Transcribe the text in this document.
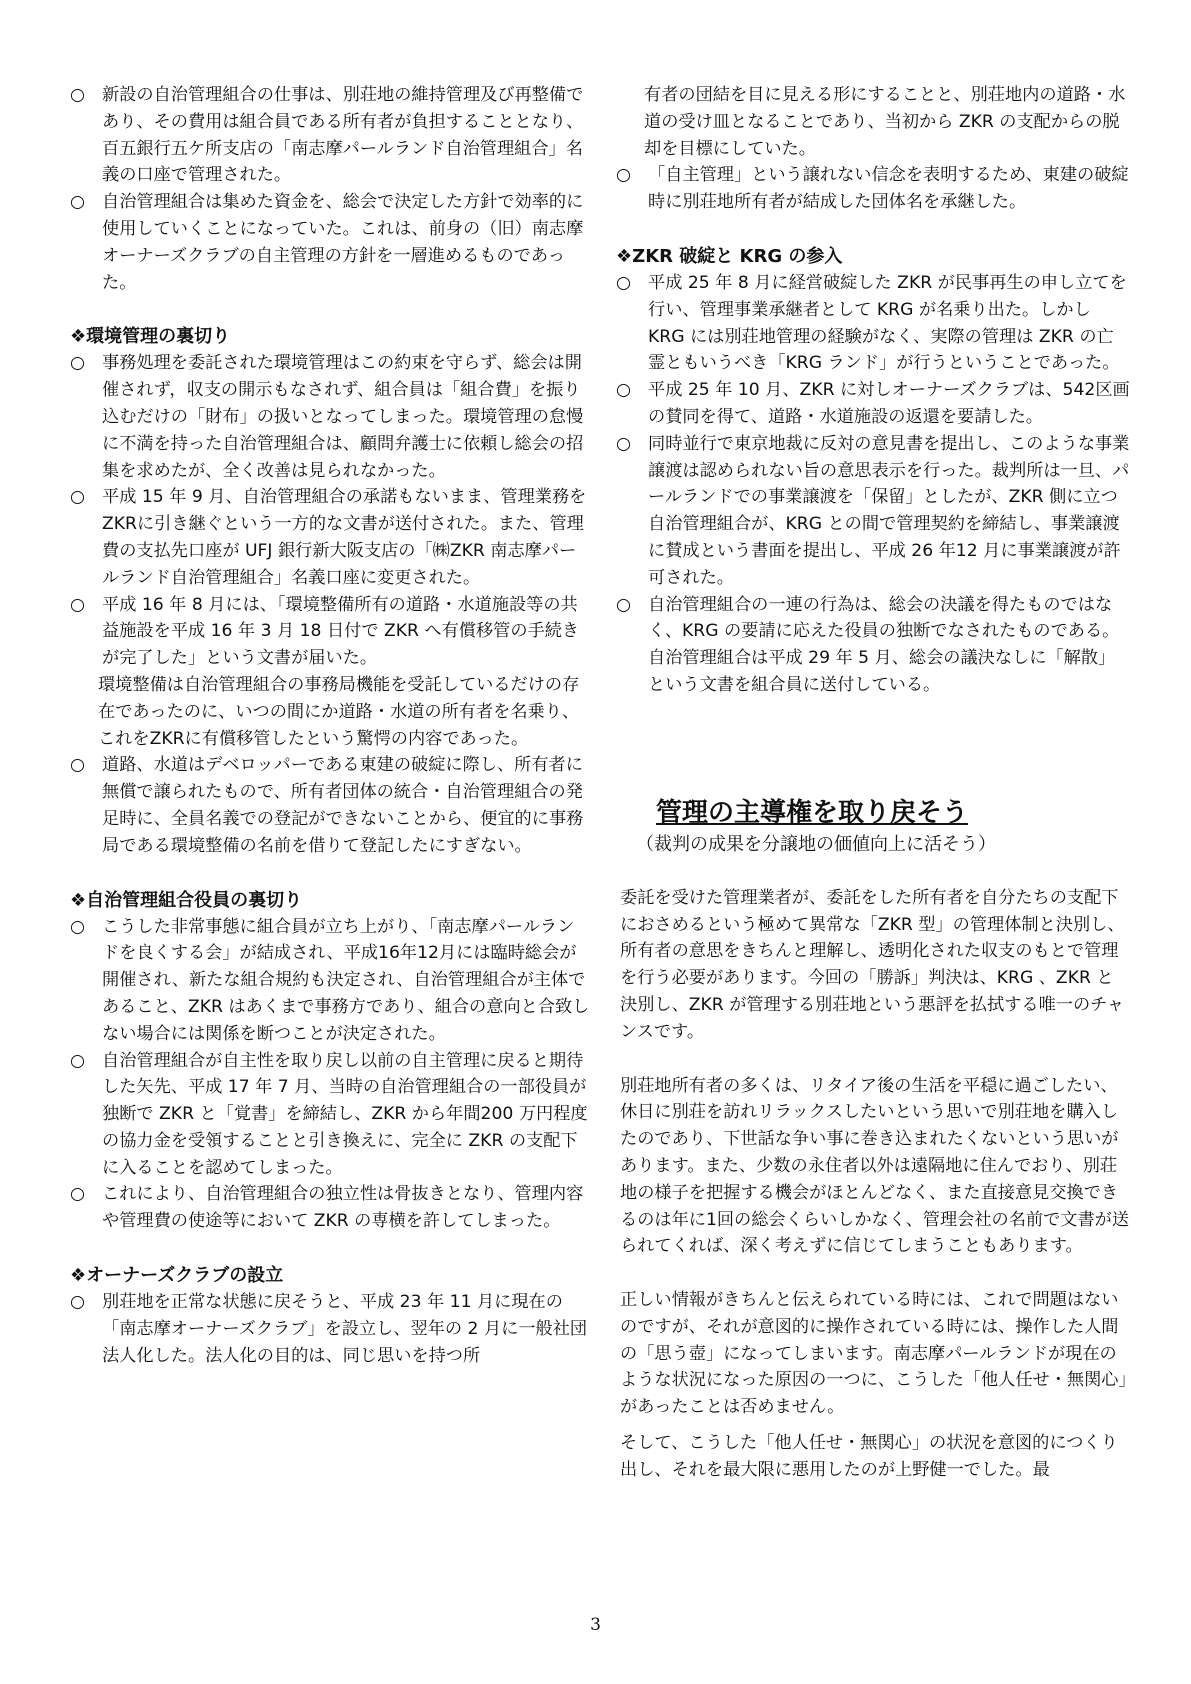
○ 新設の自治管理組合の仕事は、別荘地の維持管理及び再整備であり、その費用は組合員である所有者が負担することとなり、百五銀行五ケ所支店の「南志摩パールランド自治管理組合」名義の口座で管理された。

○ 自治管理組合は集めた資金を、総会で決定した方針で効率的に使用していくことになっていた。これは、前身の（旧）南志摩オーナーズクラブの自主管理の方針を一層進めるものであった。

❖環境管理の裏切り
○ 事務処理を委託された環境管理はこの約束を守らず、総会は開催されず，収支の開示もなされず、組合員は「組合費」を振り込むだけの「財布」の扱いとなってしまった。環境管理の怠慢に不満を持った自治管理組合は、顧問弁護士に依頼し総会の招集を求めたが、全く改善は見られなかった。

○ 平成 15 年 9 月、自治管理組合の承諾もないまま、管理業務をZKRに引き継ぐという一方的な文書が送付された。また、管理費の支払先口座が UFJ 銀行新大阪支店の「㈱ZKR 南志摩パールランド自治管理組合」名義口座に変更された。

○ 平成 16 年 8 月には、「環境整備所有の道路・水道施設等の共益施設を平成 16 年 3 月 18 日付で ZKR へ有償移管の手続きが完了した」という文書が届いた。

環境整備は自治管理組合の事務局機能を受託しているだけの存在であったのに、いつの間にか道路・水道の所有者を名乗り、これをZKRに有償移管したという驚愕の内容であった。

○ 道路、水道はデベロッパーである東建の破綻に際し、所有者に無償で譲られたもので、所有者団体の統合・自治管理組合の発足時に、全員名義での登記ができないことから、便宜的に事務局である環境整備の名前を借りて登記したにすぎない。

❖自治管理組合役員の裏切り
○ こうした非常事態に組合員が立ち上がり、「南志摩パールランドを良くする会」が結成され、平成16年12月には臨時総会が開催され、新たな組合規約も決定され、自治管理組合が主体であること、ZKR はあくまで事務方であり、組合の意向と合致しない場合には関係を断つことが決定された。

○ 自治管理組合が自主性を取り戻し以前の自主管理に戻ると期待した矢先、平成 17 年 7 月、当時の自治管理組合の一部役員が独断で ZKR と「覚書」を締結し、ZKR から年間200 万円程度の協力金を受領することと引き換えに、完全に ZKR の支配下に入ることを認めてしまった。

○ これにより、自治管理組合の独立性は骨抜きとなり、管理内容や管理費の使途等において ZKR の専横を許してしまった。

❖オーナーズクラブの設立
○ 別荘地を正常な状態に戻そうと、平成 23 年 11 月に現在の「南志摩オーナーズクラブ」を設立し、翌年の 2 月に一般社団法人化した。法人化の目的は、同じ思いを持つ所

有者の団結を目に見える形にすることと、別荘地内の道路・水道の受け皿となることであり、当初から ZKR の支配からの脱却を目標にしていた。

○ 「自主管理」という譲れない信念を表明するため、東建の破綻時に別荘地所有者が結成した団体名を承継した。

❖ZKR 破綻と KRG の参入
○ 平成 25 年 8 月に経営破綻した ZKR が民事再生の申し立てを行い、管理事業承継者として KRG が名乗り出た。しかし KRG には別荘地管理の経験がなく、実際の管理は ZKR の亡霊ともいうべき「KRG ランド」が行うということであった。

○ 平成 25 年 10 月、ZKR に対しオーナーズクラブは、542区画の賛同を得て、道路・水道施設の返還を要請した。

○ 同時並行で東京地裁に反対の意見書を提出し、このような事業譲渡は認められない旨の意思表示を行った。裁判所は一旦、パールランドでの事業譲渡を「保留」としたが、ZKR 側に立つ自治管理組合が、KRG との間で管理契約を締結し、事業譲渡に賛成という書面を提出し、平成 26 年12 月に事業譲渡が許可された。

○ 自治管理組合の一連の行為は、総会の決議を得たものではなく、KRG の要請に応えた役員の独断でなされたものである。自治管理組合は平成 29 年 5 月、総会の議決なしに「解散」という文書を組合員に送付している。

管理の主導権を取り戻そう

（裁判の成果を分譲地の価値向上に活そう）

委託を受けた管理業者が、委託をした所有者を自分たちの支配下におさめるという極めて異常な「ZKR 型」の管理体制と決別し、所有者の意思をきちんと理解し、透明化された収支のもとで管理を行う必要があります。今回の「勝訴」判決は、KRG 、ZKR と決別し、ZKR が管理する別荘地という悪評を払拭する唯一のチャンスです。

別荘地所有者の多くは、リタイア後の生活を平穏に過ごしたい、休日に別荘を訪れリラックスしたいという思いで別荘地を購入したのであり、下世話な争い事に巻き込まれたくないという思いがあります。また、少数の永住者以外は遠隔地に住んでおり、別荘地の様子を把握する機会がほとんどなく、また直接意見交換できるのは年に1回の総会くらいしかなく、管理会社の名前で文書が送られてくれば、深く考えずに信じてしまうこともあります。

正しい情報がきちんと伝えられている時には、これで問題はないのですが、それが意図的に操作されている時には、操作した人間の「思う壺」になってしまいます。南志摩パールランドが現在のような状況になった原因の一つに、こうした「他人任せ・無関心」があったことは否めません。

そして、こうした「他人任せ・無関心」の状況を意図的につくり出し、それを最大限に悪用したのが上野健一でした。最

3
